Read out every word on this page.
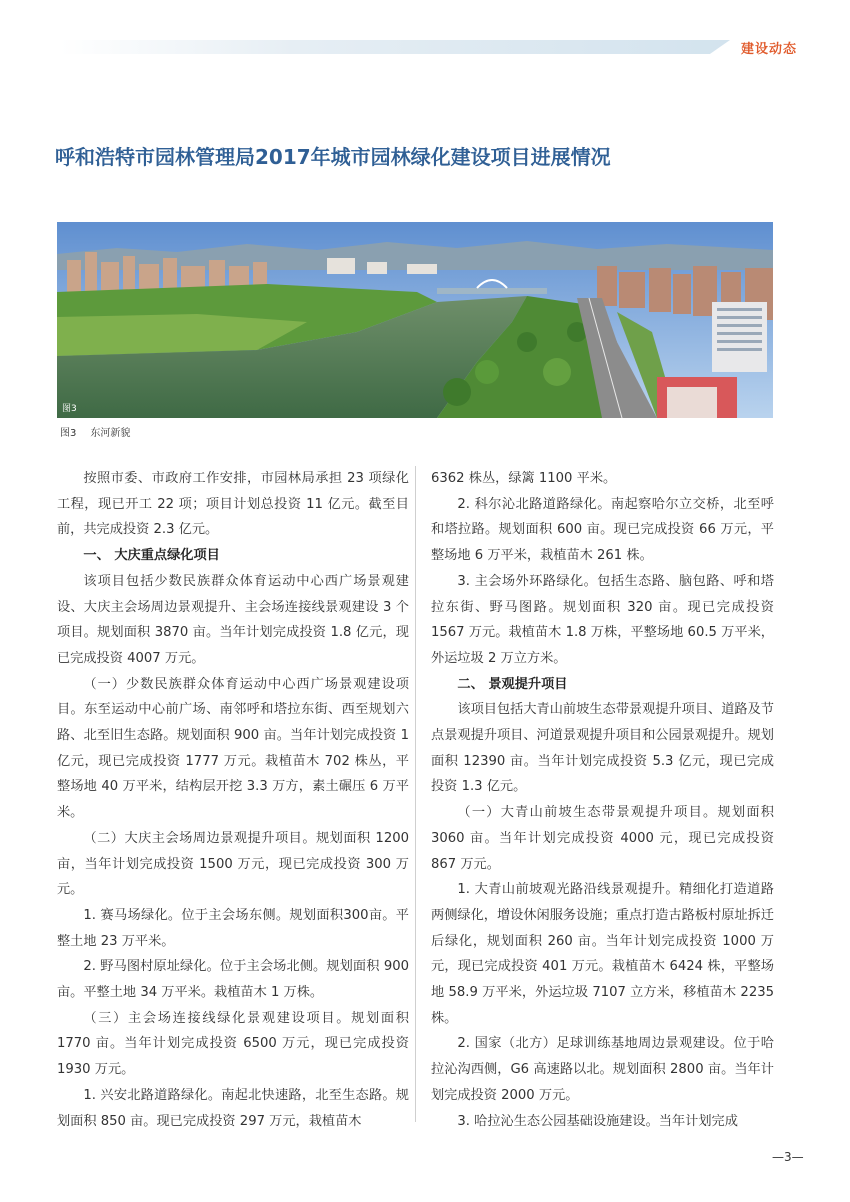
建设动态
呼和浩特市园林管理局2017年城市园林绿化建设项目进展情况
图3
图3 东河新貌

按照市委、市政府工作安排，市园林局承担 23 项绿化工程，现已开工 22 项；项目计划总投资 11 亿元。截至目前，共完成投资 2.3 亿元。

一、 大庆重点绿化项目

该项目包括少数民族群众体育运动中心西广场景观建设、大庆主会场周边景观提升、主会场连接线景观建设 3 个项目。规划面积 3870 亩。当年计划完成投资 1.8 亿元，现已完成投资 4007 万元。

（一）少数民族群众体育运动中心西广场景观建设项目。东至运动中心前广场、南邻呼和塔拉东街、西至规划六路、北至旧生态路。规划面积 900 亩。当年计划完成投资 1 亿元，现已完成投资 1777 万元。栽植苗木 702 株丛，平整场地 40 万平米，结构层开挖 3.3 万方，素土碾压 6 万平米。

（二）大庆主会场周边景观提升项目。规划面积 1200 亩，当年计划完成投资 1500 万元，现已完成投资 300 万元。

1. 赛马场绿化。位于主会场东侧。规划面积300亩。平整土地 23 万平米。

2. 野马图村原址绿化。位于主会场北侧。规划面积 900 亩。平整土地 34 万平米。栽植苗木 1 万株。

（三）主会场连接线绿化景观建设项目。规划面积 1770 亩。当年计划完成投资 6500 万元，现已完成投资 1930 万元。

1. 兴安北路道路绿化。南起北快速路，北至生态路。规划面积 850 亩。现已完成投资 297 万元，栽植苗木

6362 株丛，绿篱 1100 平米。

2. 科尔沁北路道路绿化。南起察哈尔立交桥，北至呼和塔拉路。规划面积 600 亩。现已完成投资 66 万元，平整场地 6 万平米，栽植苗木 261 株。

3. 主会场外环路绿化。包括生态路、脑包路、呼和塔拉东街、野马图路。规划面积 320 亩。现已完成投资 1567 万元。栽植苗木 1.8 万株，平整场地 60.5 万平米，外运垃圾 2 万立方米。

二、 景观提升项目

该项目包括大青山前坡生态带景观提升项目、道路及节点景观提升项目、河道景观提升项目和公园景观提升。规划面积 12390 亩。当年计划完成投资 5.3 亿元，现已完成投资 1.3 亿元。

（一）大青山前坡生态带景观提升项目。规划面积 3060 亩。当年计划完成投资 4000 元，现已完成投资 867 万元。

1. 大青山前坡观光路沿线景观提升。精细化打造道路两侧绿化，增设休闲服务设施；重点打造古路板村原址拆迁后绿化，规划面积 260 亩。当年计划完成投资 1000 万元，现已完成投资 401 万元。栽植苗木 6424 株，平整场地 58.9 万平米，外运垃圾 7107 立方米，移植苗木 2235 株。

2. 国家（北方）足球训练基地周边景观建设。位于哈拉沁沟西侧，G6 高速路以北。规划面积 2800 亩。当年计划完成投资 2000 万元。

3. 哈拉沁生态公园基础设施建设。当年计划完成

—3—
